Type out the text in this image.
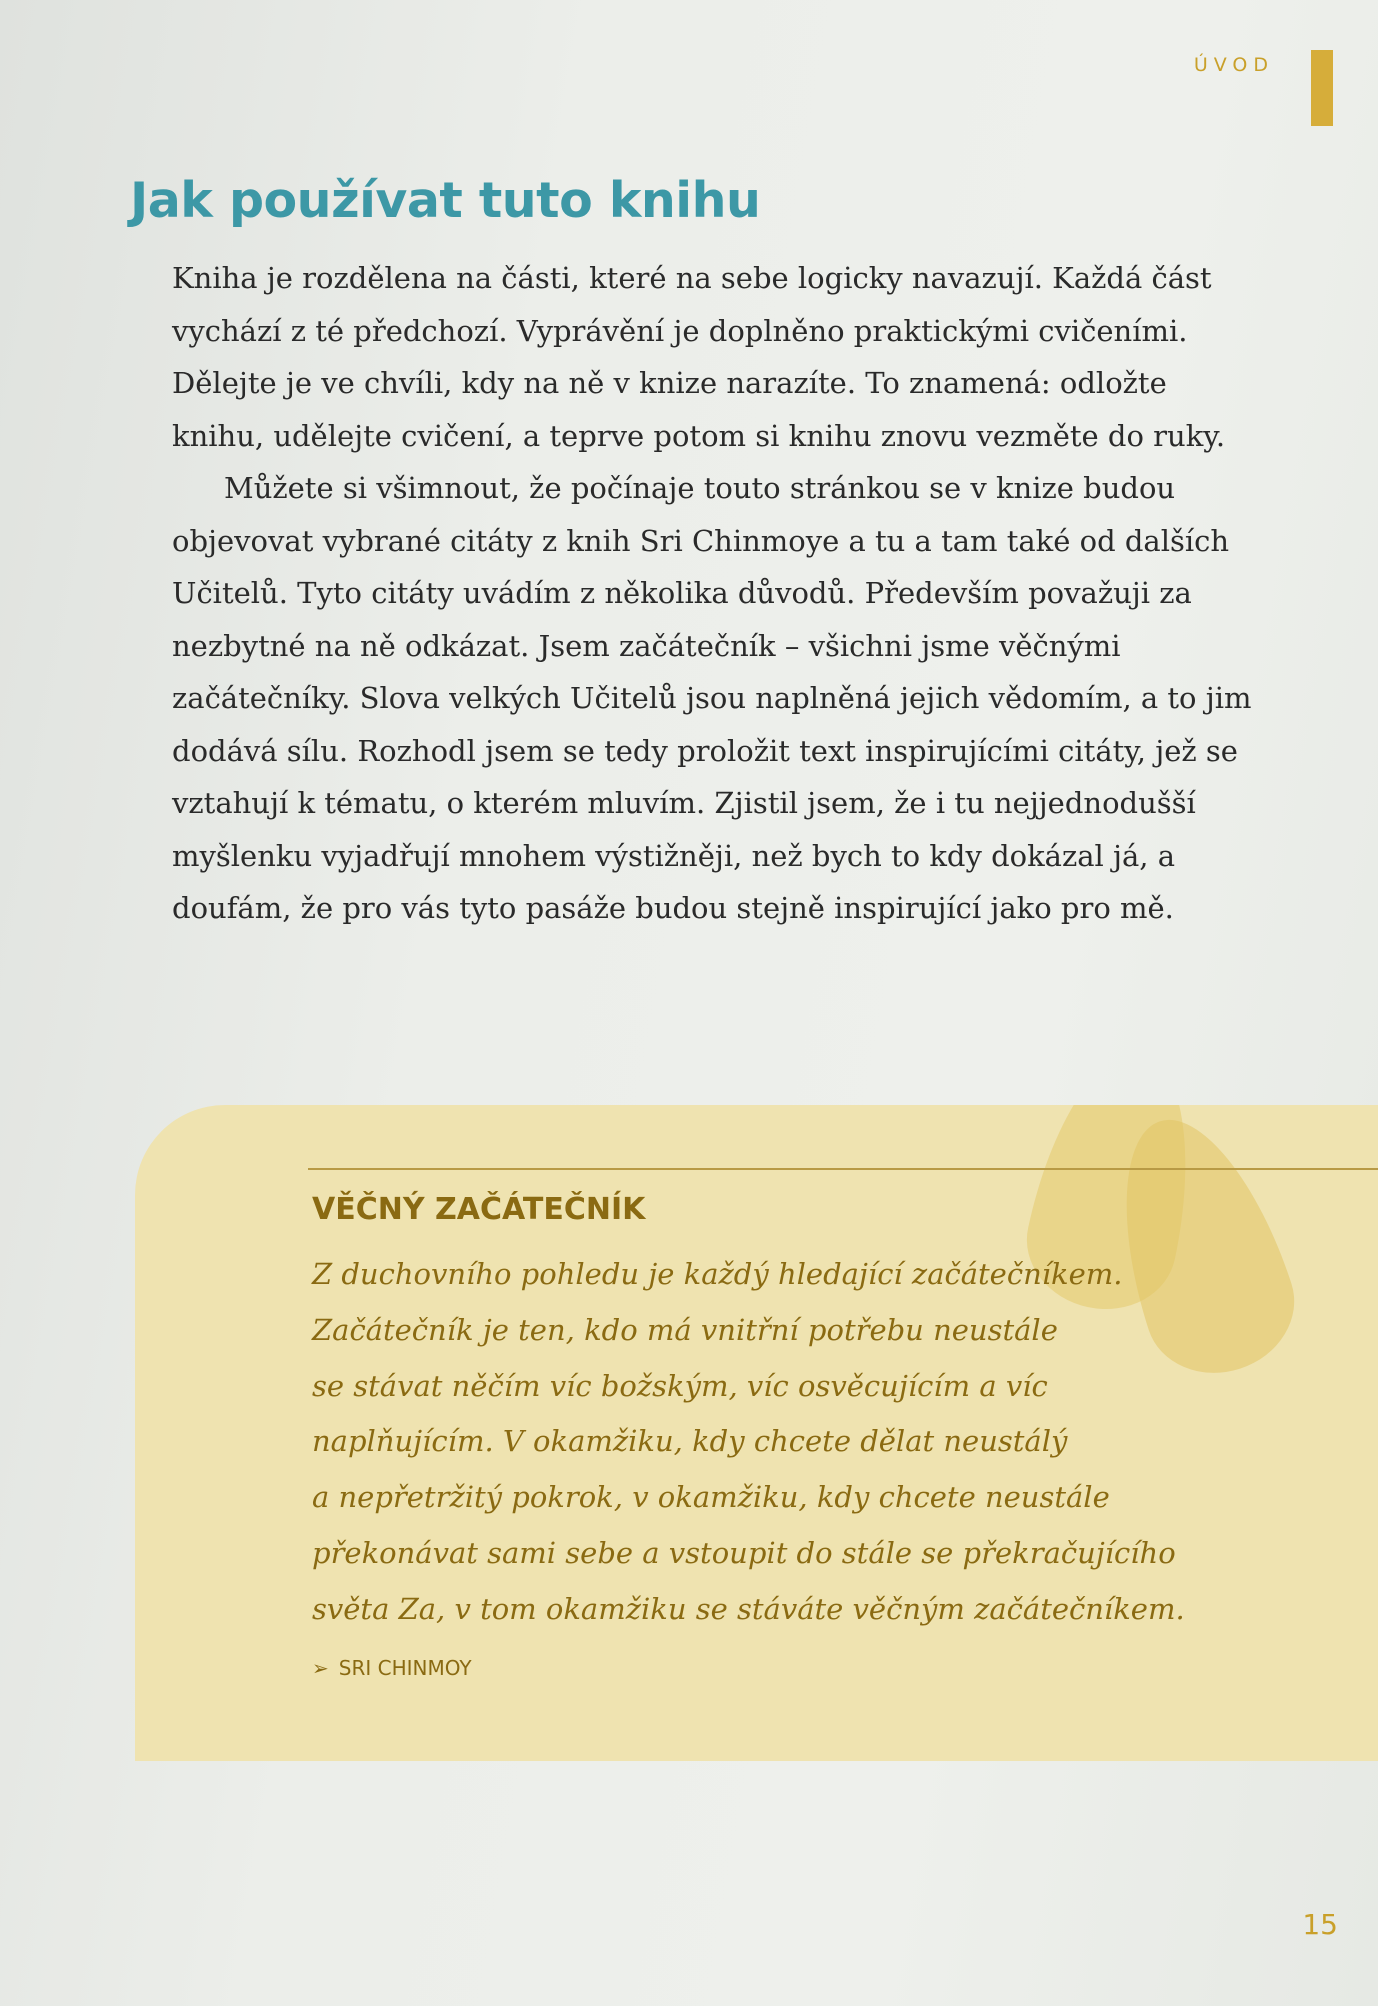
ÚVOD
Jak používat tuto knihu

Kniha je rozdělena na části, které na sebe logicky navazují. Každá část vychází z té předchozí. Vyprávění je doplněno praktickými cvičeními. Dělejte je ve chvíli, kdy na ně v knize narazíte. To znamená: odložte knihu, udělejte cvičení, a teprve potom si knihu znovu vezměte do ruky.

Můžete si všimnout, že počínaje touto stránkou se v knize budou objevovat vybrané citáty z knih Sri Chinmoye a tu a tam také od dalších Učitelů. Tyto citáty uvádím z několika důvodů. Především považuji za nezbytné na ně odkázat. Jsem začátečník – všichni jsme věčnými začátečníky. Slova velkých Učitelů jsou naplněná jejich vědomím, a to jim dodává sílu. Rozhodl jsem se tedy proložit text inspirujícími citáty, jež se vztahují k tématu, o kterém mluvím. Zjistil jsem, že i tu nejjednodušší myšlenku vyjadřují mnohem výstižněji, než bych to kdy dokázal já, a doufám, že pro vás tyto pasáže budou stejně inspirující jako pro mě.

VĚČNÝ ZAČÁTEČNÍK
Z duchovního pohledu je každý hledající začátečníkem.
Začátečník je ten, kdo má vnitřní potřebu neustále
se stávat něčím víc božským, víc osvěcujícím a víc
naplňujícím. V okamžiku, kdy chcete dělat neustálý
a nepřetržitý pokrok, v okamžiku, kdy chcete neustále
překonávat sami sebe a vstoupit do stále se překračujícího
světa Za, v tom okamžiku se stáváte věčným začátečníkem.
➢ SRI CHINMOY
15
